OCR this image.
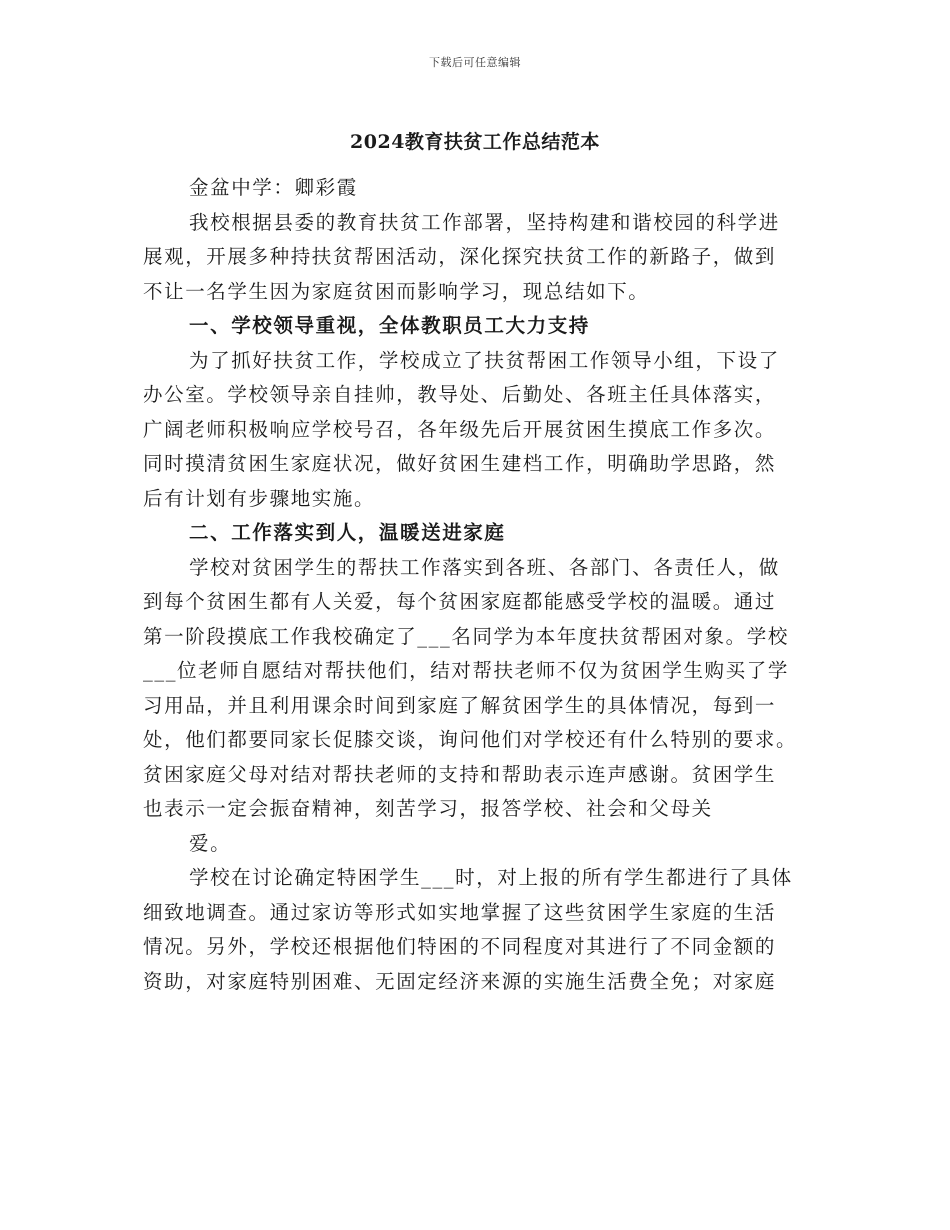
下载后可任意编辑
2024教育扶贫工作总结范本
金盆中学：卿彩霞
我校根据县委的教育扶贫工作部署，坚持构建和谐校园的科学进
展观，开展多种持扶贫帮困活动，深化探究扶贫工作的新路子，做到
不让一名学生因为家庭贫困而影响学习，现总结如下。
一、学校领导重视，全体教职员工大力支持
为了抓好扶贫工作，学校成立了扶贫帮困工作领导小组，下设了
办公室。学校领导亲自挂帅，教导处、后勤处、各班主任具体落实，
广阔老师积极响应学校号召，各年级先后开展贫困生摸底工作多次。
同时摸清贫困生家庭状况，做好贫困生建档工作，明确助学思路，然
后有计划有步骤地实施。
二、工作落实到人，温暖送进家庭
学校对贫困学生的帮扶工作落实到各班、各部门、各责任人，做
到每个贫困生都有人关爱，每个贫困家庭都能感受学校的温暖。通过
第一阶段摸底工作我校确定了___名同学为本年度扶贫帮困对象。学校
___位老师自愿结对帮扶他们，结对帮扶老师不仅为贫困学生购买了学
习用品，并且利用课余时间到家庭了解贫困学生的具体情况，每到一
处，他们都要同家长促膝交谈，询问他们对学校还有什么特别的要求。
贫困家庭父母对结对帮扶老师的支持和帮助表示连声感谢。贫困学生
也表示一定会振奋精神，刻苦学习，报答学校、社会和父母关
爱。
学校在讨论确定特困学生___时，对上报的所有学生都进行了具体
细致地调查。通过家访等形式如实地掌握了这些贫困学生家庭的生活
情况。另外，学校还根据他们特困的不同程度对其进行了不同金额的
资助，对家庭特别困难、无固定经济来源的实施生活费全免；对家庭
